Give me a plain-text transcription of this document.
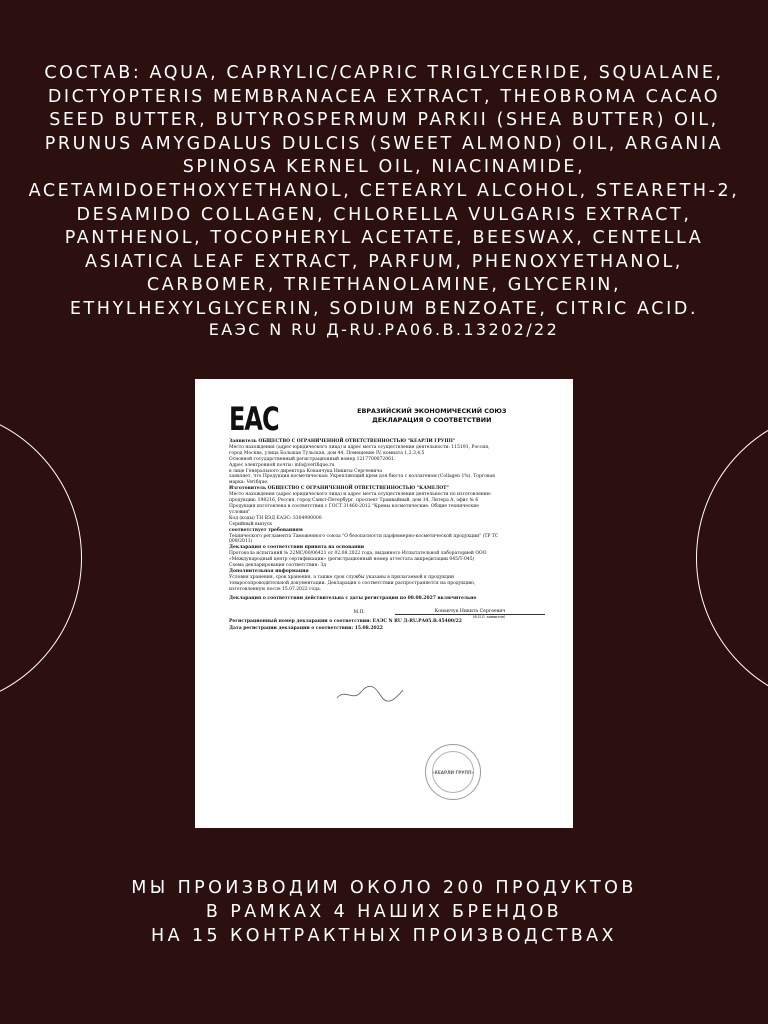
СОСТАВ: AQUA, CAPRYLIC/CAPRIC TRIGLYCERIDE, SQUALANE, DICTYOPTERIS MEMBRANACEA EXTRACT, THEOBROMA CACAO SEED BUTTER, BUTYROSPERMUM PARKII (SHEA BUTTER) OIL, PRUNUS AMYGDALUS DULCIS (SWEET ALMOND) OIL, ARGANIA SPINOSA KERNEL OIL, NIACINAMIDE, ACETAMIDOETHOXYETHANOL, CETEARYL ALCOHOL, STEARETH-2, DESAMIDO COLLAGEN, CHLORELLA VULGARIS EXTRACT, PANTHENOL, TOCOPHERYL ACETATE, BEESWAX, CENTELLA ASIATICA LEAF EXTRACT, PARFUM, PHENOXYETHANOL, CARBOMER, TRIETHANOLAMINE, GLYCERIN, ETHYLHEXYLGLYCERIN, SODIUM BENZOATE, CITRIC ACID.

ЕАЭС N RU Д-RU.РА06.В.13202/22

EAC	ЕВРАЗИЙСКИЙ ЭКОНОМИЧЕСКИЙ СОЮЗ
ДЕКЛАРАЦИЯ О СООТВЕТСТВИИ

Заявитель ОБЩЕСТВО С ОГРАНИЧЕННОЙ ОТВЕТСТВЕННОСТЬЮ "КЕАРЛИ ГРУПП"

Место нахождения (адрес юридического лица) и адрес места осуществления деятельности: 115191, Россия,

город Москва, улица Большая Тульская, дом 44, Помещение IV, комната 1,2,3,4,5

Основной государственный регистрационный номер 1217700072061.

Адрес электронной почты: info@verifique.ru

в лице Генерального директора Конанчука Никиты Сергеевича

заявляет, что Продукция косметическая: Укрепляющий крем для бюста с коллагеном (Collagen 1%). Торговая

марка: Verifique.

Изготовитель ОБЩЕСТВО С ОГРАНИЧЕННОЙ ОТВЕТСТВЕННОСТЬЮ "КАМЕЛОТ"

Место нахождения (адрес юридического лица) и адрес места осуществления деятельности по изготовлению

продукции: 198216, Россия, город Санкт-Петербург, проспект Трамвайный, дом 14, Литера А, офис № 6

Продукция изготовлена в соответствии с ГОСТ 31460-2012 "Кремы косметические. Общие технические

условия"

Код (коды) ТН ВЭД ЕАЭС: 3304990000

Серийный выпуск

соответствует требованиям

Технического регламента Таможенного союза "О безопасности парфюмерно-косметической продукции" (ТР ТС

009/2011)

Декларация о соответствии принята на основании

Протокола испытаний № 22МС/60/06421 от 02.08.2022 года, выданного Испытательной лабораторией ООО

«Международный центр сертификации» (регистрационный номер аттестата аккредитации 045/Т-045)

Схема декларирования соответствия: 3д

Дополнительная информация

Условия хранения, срок хранения, а также срок службы указаны в прилагаемой к продукции

товаросопроводительной документации. Декларация о соответствии распространяется на продукцию,

изготовленную после 15.07.2022 года.

Декларация о соответствии действительна с даты регистрации по 08.08.2027 включительно

М.П.	Конанчук Никита Сергеевич
(Ф.И.О. заявителя)

Регистрационный номер декларации о соответствии: ЕАЭС N RU Д-RU.РА05.В.45400/22

Дата регистрации декларации о соответствии: 15.08.2022

«КЕАРЛИ ГРУПП»
МЫ ПРОИЗВОДИМ ОКОЛО 200 ПРОДУКТОВ
В РАМКАХ 4 НАШИХ БРЕНДОВ
НА 15 КОНТРАКТНЫХ ПРОИЗВОДСТВАХ
